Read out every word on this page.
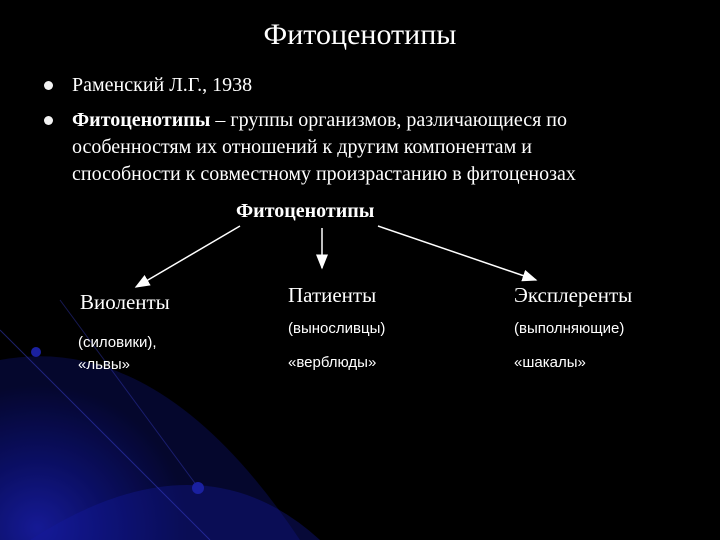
Фитоценотипы
Раменский Л.Г., 1938
Фитоценотипы – группы организмов, различающиеся по
особенностям их отношений к другим компонентам и
способности к совместному произрастанию в фитоценозах
Фитоценотипы
Виоленты
(силовики),
«львы»
Патиенты
(выносливцы)
«верблюды»
Эксплеренты
(выполняющие)
«шакалы»
